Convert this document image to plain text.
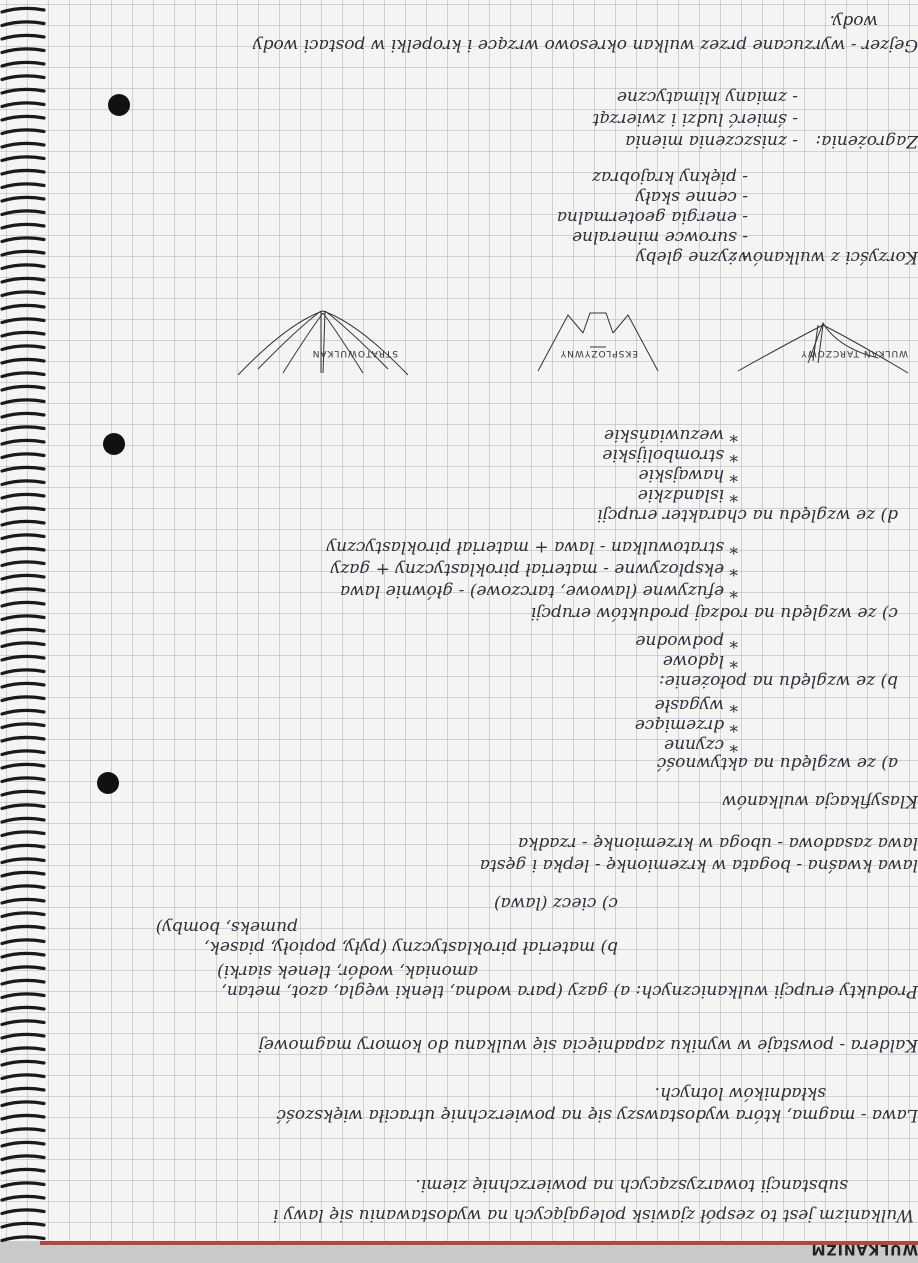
WULKANIZM
Wulkanizm jest to zespół zjawisk polegających na wydostawaniu się lawy i
substancji towarzyszących na powierzchnię ziemi.
Lawa - magma, która wydostawszy się na powierzchnię utraciła większość
składników lotnych.
Kaldera - powstaje w wyniku zapadnięcia się wulkanu do komory magmowej
Produkty erupcji wulkanicznych: a) gazy (para wodna, tlenki węgla, azot, metan,
amoniak, wodór, tlenek siarki)
b) materiał piroklastyczny (pyły, popioły, piasek,
pumeks, bomby)
c) ciecz (lawa)
lawa kwaśna - bogata w krzemionkę - lepka i gęsta
lawa zasadowa - uboga w krzemionkę - rzadka
Klasyfikacja wulkanów
a) ze względu na aktywność
* czynne
* drzemiące
* wygasłe
b) ze względu na położenie:
* lądowe
* podwodne
c) ze względu na rodzaj produktów erupcji
* efuzywne (lawowe, tarczowe) - głównie lawa
* eksplozywne - materiał piroklastyczny + gazy
* stratowulkan - lawa + materiał piroklastyczny
d) ze względu na charakter erupcji
* islandzkie
* hawajskie
* strombolijskie
* wezuwiańskie
WULKAN TARCZOWY
EKSPLOZYWNY
STRATOWULKAN
Korzyści z wulkanów:
- żyzne gleby
- surowce mineralne
- energia geotermalna
- cenne skały
- piękny krajobraz
Zagrożenia:
- zniszczenia mienia
- śmierć ludzi i zwierząt
- zmiany klimatyczne
Gejzer - wyrzucane przez wulkan okresowo wrzące i kropelki w postaci wody
wody.
